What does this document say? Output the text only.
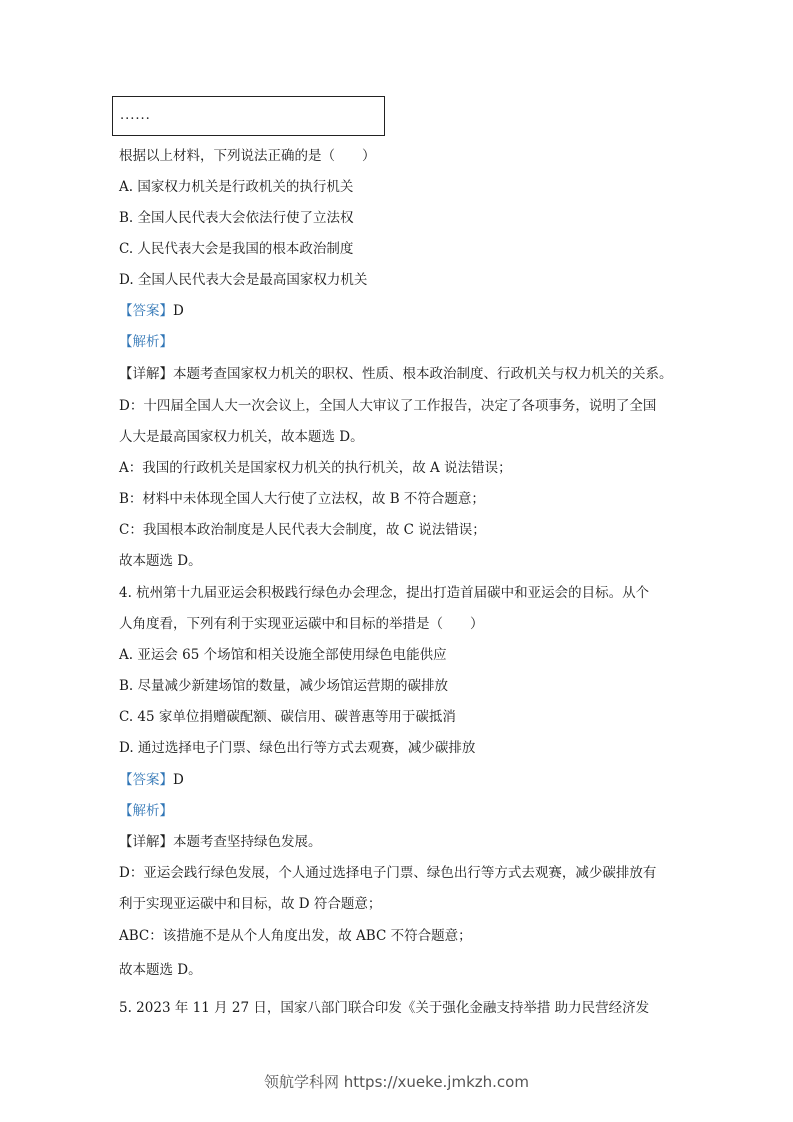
......
根据以上材料，下列说法正确的是（　　）
A. 国家权力机关是行政机关的执行机关
B. 全国人民代表大会依法行使了立法权
C. 人民代表大会是我国的根本政治制度
D. 全国人民代表大会是最高国家权力机关
【答案】D
【解析】
【详解】本题考查国家权力机关的职权、性质、根本政治制度、行政机关与权力机关的关系。
D：十四届全国人大一次会议上，全国人大审议了工作报告，决定了各项事务，说明了全国
人大是最高国家权力机关，故本题选 D。
A：我国的行政机关是国家权力机关的执行机关，故 A 说法错误；
B：材料中未体现全国人大行使了立法权，故 B 不符合题意；
C：我国根本政治制度是人民代表大会制度，故 C 说法错误；
故本题选 D。
4. 杭州第十九届亚运会积极践行绿色办会理念，提出打造首届碳中和亚运会的目标。从个
人角度看，下列有利于实现亚运碳中和目标的举措是（　　）
A. 亚运会 65 个场馆和相关设施全部使用绿色电能供应
B. 尽量减少新建场馆的数量，减少场馆运营期的碳排放
C. 45 家单位捐赠碳配额、碳信用、碳普惠等用于碳抵消
D. 通过选择电子门票、绿色出行等方式去观赛，减少碳排放
【答案】D
【解析】
【详解】本题考查坚持绿色发展。
D：亚运会践行绿色发展，个人通过选择电子门票、绿色出行等方式去观赛，减少碳排放有
利于实现亚运碳中和目标，故 D 符合题意；
ABC：该措施不是从个人角度出发，故 ABC 不符合题意；
故本题选 D。
5. 2023 年 11 月 27 日，国家八部门联合印发《关于强化金融支持举措 助力民营经济发
领航学科网 https://xueke.jmkzh.com
